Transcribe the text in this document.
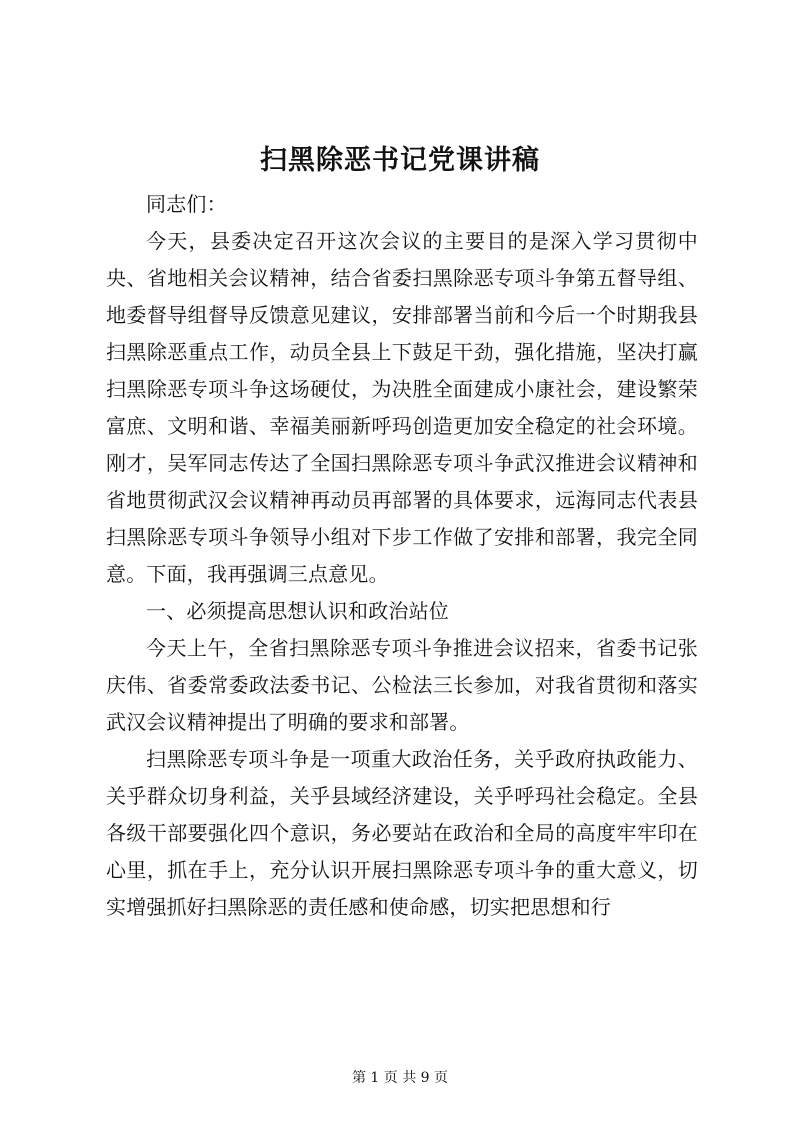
扫黑除恶书记党课讲稿

同志们：

今天，县委决定召开这次会议的主要目的是深入学习贯彻中央、省地相关会议精神，结合省委扫黑除恶专项斗争第五督导组、地委督导组督导反馈意见建议，安排部署当前和今后一个时期我县扫黑除恶重点工作，动员全县上下鼓足干劲，强化措施，坚决打赢扫黑除恶专项斗争这场硬仗，为决胜全面建成小康社会，建设繁荣富庶、文明和谐、幸福美丽新呼玛创造更加安全稳定的社会环境。刚才，吴军同志传达了全国扫黑除恶专项斗争武汉推进会议精神和省地贯彻武汉会议精神再动员再部署的具体要求，远海同志代表县扫黑除恶专项斗争领导小组对下步工作做了安排和部署，我完全同意。下面，我再强调三点意见。

一、必须提高思想认识和政治站位

今天上午，全省扫黑除恶专项斗争推进会议招来，省委书记张庆伟、省委常委政法委书记、公检法三长参加，对我省贯彻和落实武汉会议精神提出了明确的要求和部署。

扫黑除恶专项斗争是一项重大政治任务，关乎政府执政能力、关乎群众切身利益，关乎县域经济建设，关乎呼玛社会稳定。全县各级干部要强化四个意识，务必要站在政治和全局的高度牢牢印在心里，抓在手上，充分认识开展扫黑除恶专项斗争的重大意义，切实增强抓好扫黑除恶的责任感和使命感，切实把思想和行

第 1 页 共 9 页
